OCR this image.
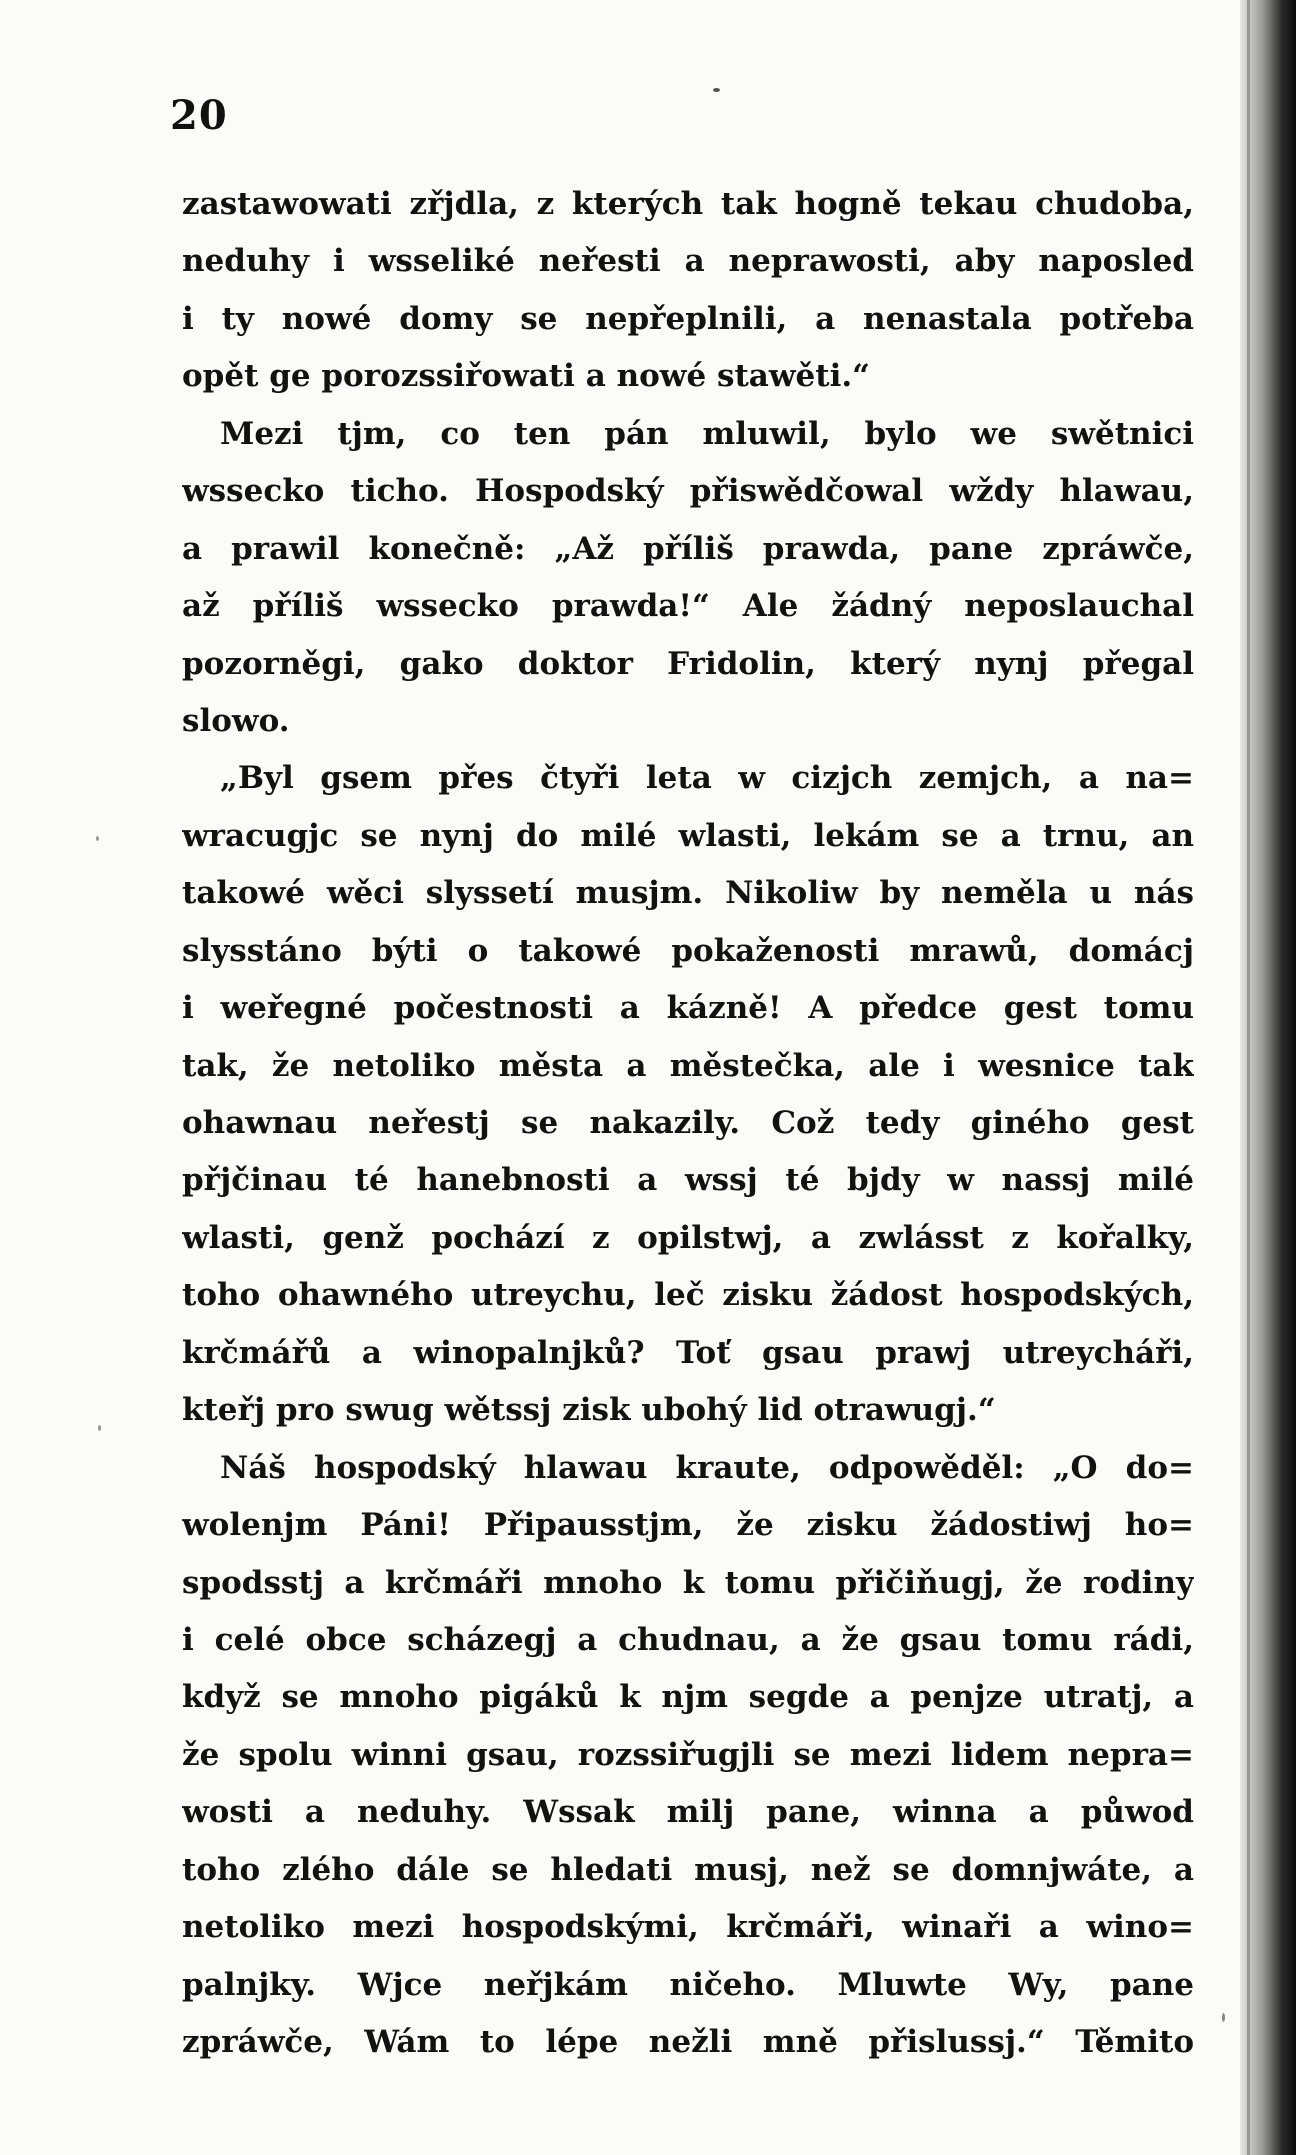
20
zastawowati zřjdla, z kterých tak hogně tekau chudoba,
neduhy i wsseliké neřesti a neprawosti, aby naposled
i ty nowé domy se nepřeplnili, a nenastala potřeba
opět ge porozssiřowati a nowé stawěti.“
Mezi tjm, co ten pán mluwil, bylo we swětnici
wsseckо ticho. Hospodský přiswědčowal wždy hlawau,
a prawil konečně: „Až příliš prawda, pane zpráwče,
až příliš wssecko prawda!“ Ale žádný neposlauchal
pozorněgi, gako doktor Fridolin, který nynj přegal
slowo.
„Byl gsem přes čtyři leta w cizjch zemjch, a na=
wracugjc se nynj do milé wlasti, lekám se a trnu, an
takowé wěci slyssetí musjm. Nikoliw by neměla u nás
slysstáno býti o takowé pokaženosti mrawů, domácj
i weřegné počestnosti a kázně! A předce gest tomu
tak, že netoliko města a městečka, ale i wesnice tak
ohawnau neřestj se nakazily. Což tedy giného gest
přjčinau té hanebnosti a wssj té bjdy w nassj milé
wlasti, genž pochází z opilstwj, a zwlásst z kořalky,
toho ohawného utreychu, leč zisku žádost hospodských,
krčmářů a winopalnjků? Toť gsau prawj utreycháři,
kteřj pro swug wětssj zisk ubohý lid otrawugj.“
Náš hospodský hlawau kraute, odpowěděl: „O do=
wolenjm Páni! Připausstjm, že zisku žádostiwj ho=
spodsstj a krčmáři mnoho k tomu přičiňugj, že rodiny
i celé obce scházegj a chudnau, a že gsau tomu rádi,
když se mnoho pigáků k njm segde a penjze utratj, a
že spolu winni gsau, rozssiřugjli se mezi lidem nepra=
wosti a neduhy. Wssak milj pane, winna a půwod
toho zlého dále se hledati musj, než se domnjwáte, a
netoliko mezi hospodskými, krčmáři, winaři a wino=
palnjky. Wjce neřjkám ničeho. Mluwte Wy, pane
zpráwče, Wám to lépe nežli mně přislussj.“ Těmito
